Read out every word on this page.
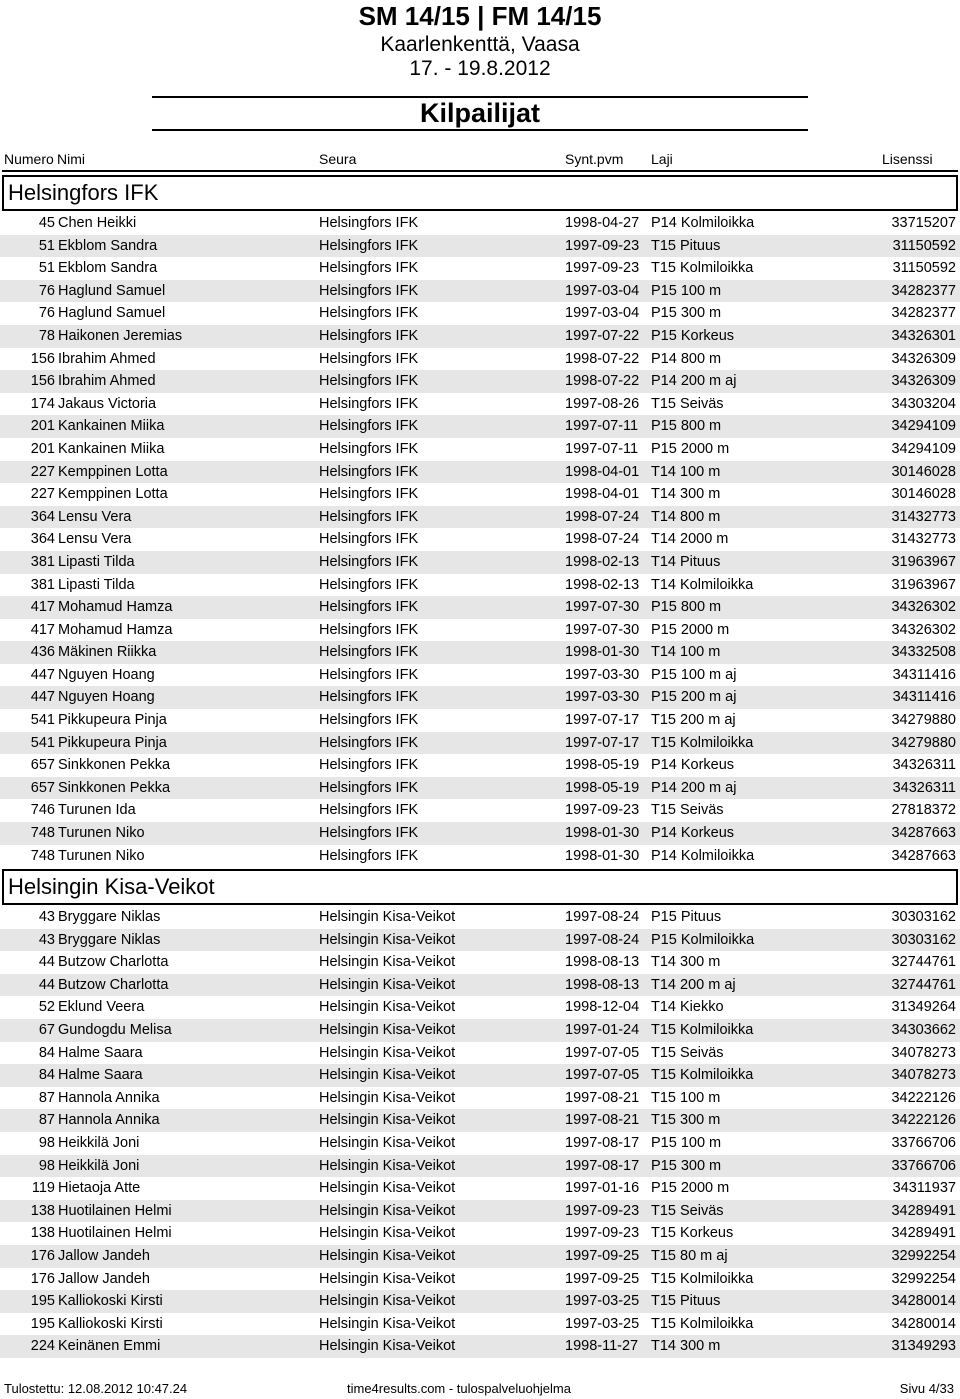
SM 14/15 | FM 14/15
Kaarlenkenttä, Vaasa
17. - 19.8.2012
Kilpailijat
Numero Nimi	Seura	Synt.pvm Laji	Lisenssi
Helsingfors IFK
45 Chen Heikki	Helsingfors IFK	1998-04-27 P14 Kolmiloikka	33715207
51 Ekblom Sandra	Helsingfors IFK	1997-09-23 T15 Pituus	31150592
51 Ekblom Sandra	Helsingfors IFK	1997-09-23 T15 Kolmiloikka	31150592
76 Haglund Samuel	Helsingfors IFK	1997-03-04 P15 100 m	34282377
76 Haglund Samuel	Helsingfors IFK	1997-03-04 P15 300 m	34282377
78 Haikonen Jeremias	Helsingfors IFK	1997-07-22 P15 Korkeus	34326301
156 Ibrahim Ahmed	Helsingfors IFK	1998-07-22 P14 800 m	34326309
156 Ibrahim Ahmed	Helsingfors IFK	1998-07-22 P14 200 m aj	34326309
174 Jakaus Victoria	Helsingfors IFK	1997-08-26 T15 Seiväs	34303204
201 Kankainen Miika	Helsingfors IFK	1997-07-11 P15 800 m	34294109
201 Kankainen Miika	Helsingfors IFK	1997-07-11 P15 2000 m	34294109
227 Kemppinen Lotta	Helsingfors IFK	1998-04-01 T14 100 m	30146028
227 Kemppinen Lotta	Helsingfors IFK	1998-04-01 T14 300 m	30146028
364 Lensu Vera	Helsingfors IFK	1998-07-24 T14 800 m	31432773
364 Lensu Vera	Helsingfors IFK	1998-07-24 T14 2000 m	31432773
381 Lipasti Tilda	Helsingfors IFK	1998-02-13 T14 Pituus	31963967
381 Lipasti Tilda	Helsingfors IFK	1998-02-13 T14 Kolmiloikka	31963967
417 Mohamud Hamza	Helsingfors IFK	1997-07-30 P15 800 m	34326302
417 Mohamud Hamza	Helsingfors IFK	1997-07-30 P15 2000 m	34326302
436 Mäkinen Riikka	Helsingfors IFK	1998-01-30 T14 100 m	34332508
447 Nguyen Hoang	Helsingfors IFK	1997-03-30 P15 100 m aj	34311416
447 Nguyen Hoang	Helsingfors IFK	1997-03-30 P15 200 m aj	34311416
541 Pikkupeura Pinja	Helsingfors IFK	1997-07-17 T15 200 m aj	34279880
541 Pikkupeura Pinja	Helsingfors IFK	1997-07-17 T15 Kolmiloikka	34279880
657 Sinkkonen Pekka	Helsingfors IFK	1998-05-19 P14 Korkeus	34326311
657 Sinkkonen Pekka	Helsingfors IFK	1998-05-19 P14 200 m aj	34326311
746 Turunen Ida	Helsingfors IFK	1997-09-23 T15 Seiväs	27818372
748 Turunen Niko	Helsingfors IFK	1998-01-30 P14 Korkeus	34287663
748 Turunen Niko	Helsingfors IFK	1998-01-30 P14 Kolmiloikka	34287663
Helsingin Kisa-Veikot
43 Bryggare Niklas	Helsingin Kisa-Veikot	1997-08-24 P15 Pituus	30303162
43 Bryggare Niklas	Helsingin Kisa-Veikot	1997-08-24 P15 Kolmiloikka	30303162
44 Butzow Charlotta	Helsingin Kisa-Veikot	1998-08-13 T14 300 m	32744761
44 Butzow Charlotta	Helsingin Kisa-Veikot	1998-08-13 T14 200 m aj	32744761
52 Eklund Veera	Helsingin Kisa-Veikot	1998-12-04 T14 Kiekko	31349264
67 Gundogdu Melisa	Helsingin Kisa-Veikot	1997-01-24 T15 Kolmiloikka	34303662
84 Halme Saara	Helsingin Kisa-Veikot	1997-07-05 T15 Seiväs	34078273
84 Halme Saara	Helsingin Kisa-Veikot	1997-07-05 T15 Kolmiloikka	34078273
87 Hannola Annika	Helsingin Kisa-Veikot	1997-08-21 T15 100 m	34222126
87 Hannola Annika	Helsingin Kisa-Veikot	1997-08-21 T15 300 m	34222126
98 Heikkilä Joni	Helsingin Kisa-Veikot	1997-08-17 P15 100 m	33766706
98 Heikkilä Joni	Helsingin Kisa-Veikot	1997-08-17 P15 300 m	33766706
119 Hietaoja Atte	Helsingin Kisa-Veikot	1997-01-16 P15 2000 m	34311937
138 Huotilainen Helmi	Helsingin Kisa-Veikot	1997-09-23 T15 Seiväs	34289491
138 Huotilainen Helmi	Helsingin Kisa-Veikot	1997-09-23 T15 Korkeus	34289491
176 Jallow Jandeh	Helsingin Kisa-Veikot	1997-09-25 T15 80 m aj	32992254
176 Jallow Jandeh	Helsingin Kisa-Veikot	1997-09-25 T15 Kolmiloikka	32992254
195 Kalliokoski Kirsti	Helsingin Kisa-Veikot	1997-03-25 T15 Pituus	34280014
195 Kalliokoski Kirsti	Helsingin Kisa-Veikot	1997-03-25 T15 Kolmiloikka	34280014
224 Keinänen Emmi	Helsingin Kisa-Veikot	1998-11-27 T14 300 m	31349293
Tulostettu: 12.08.2012 10:47.24	time4results.com - tulospalveluohjelma	Sivu 4/33
